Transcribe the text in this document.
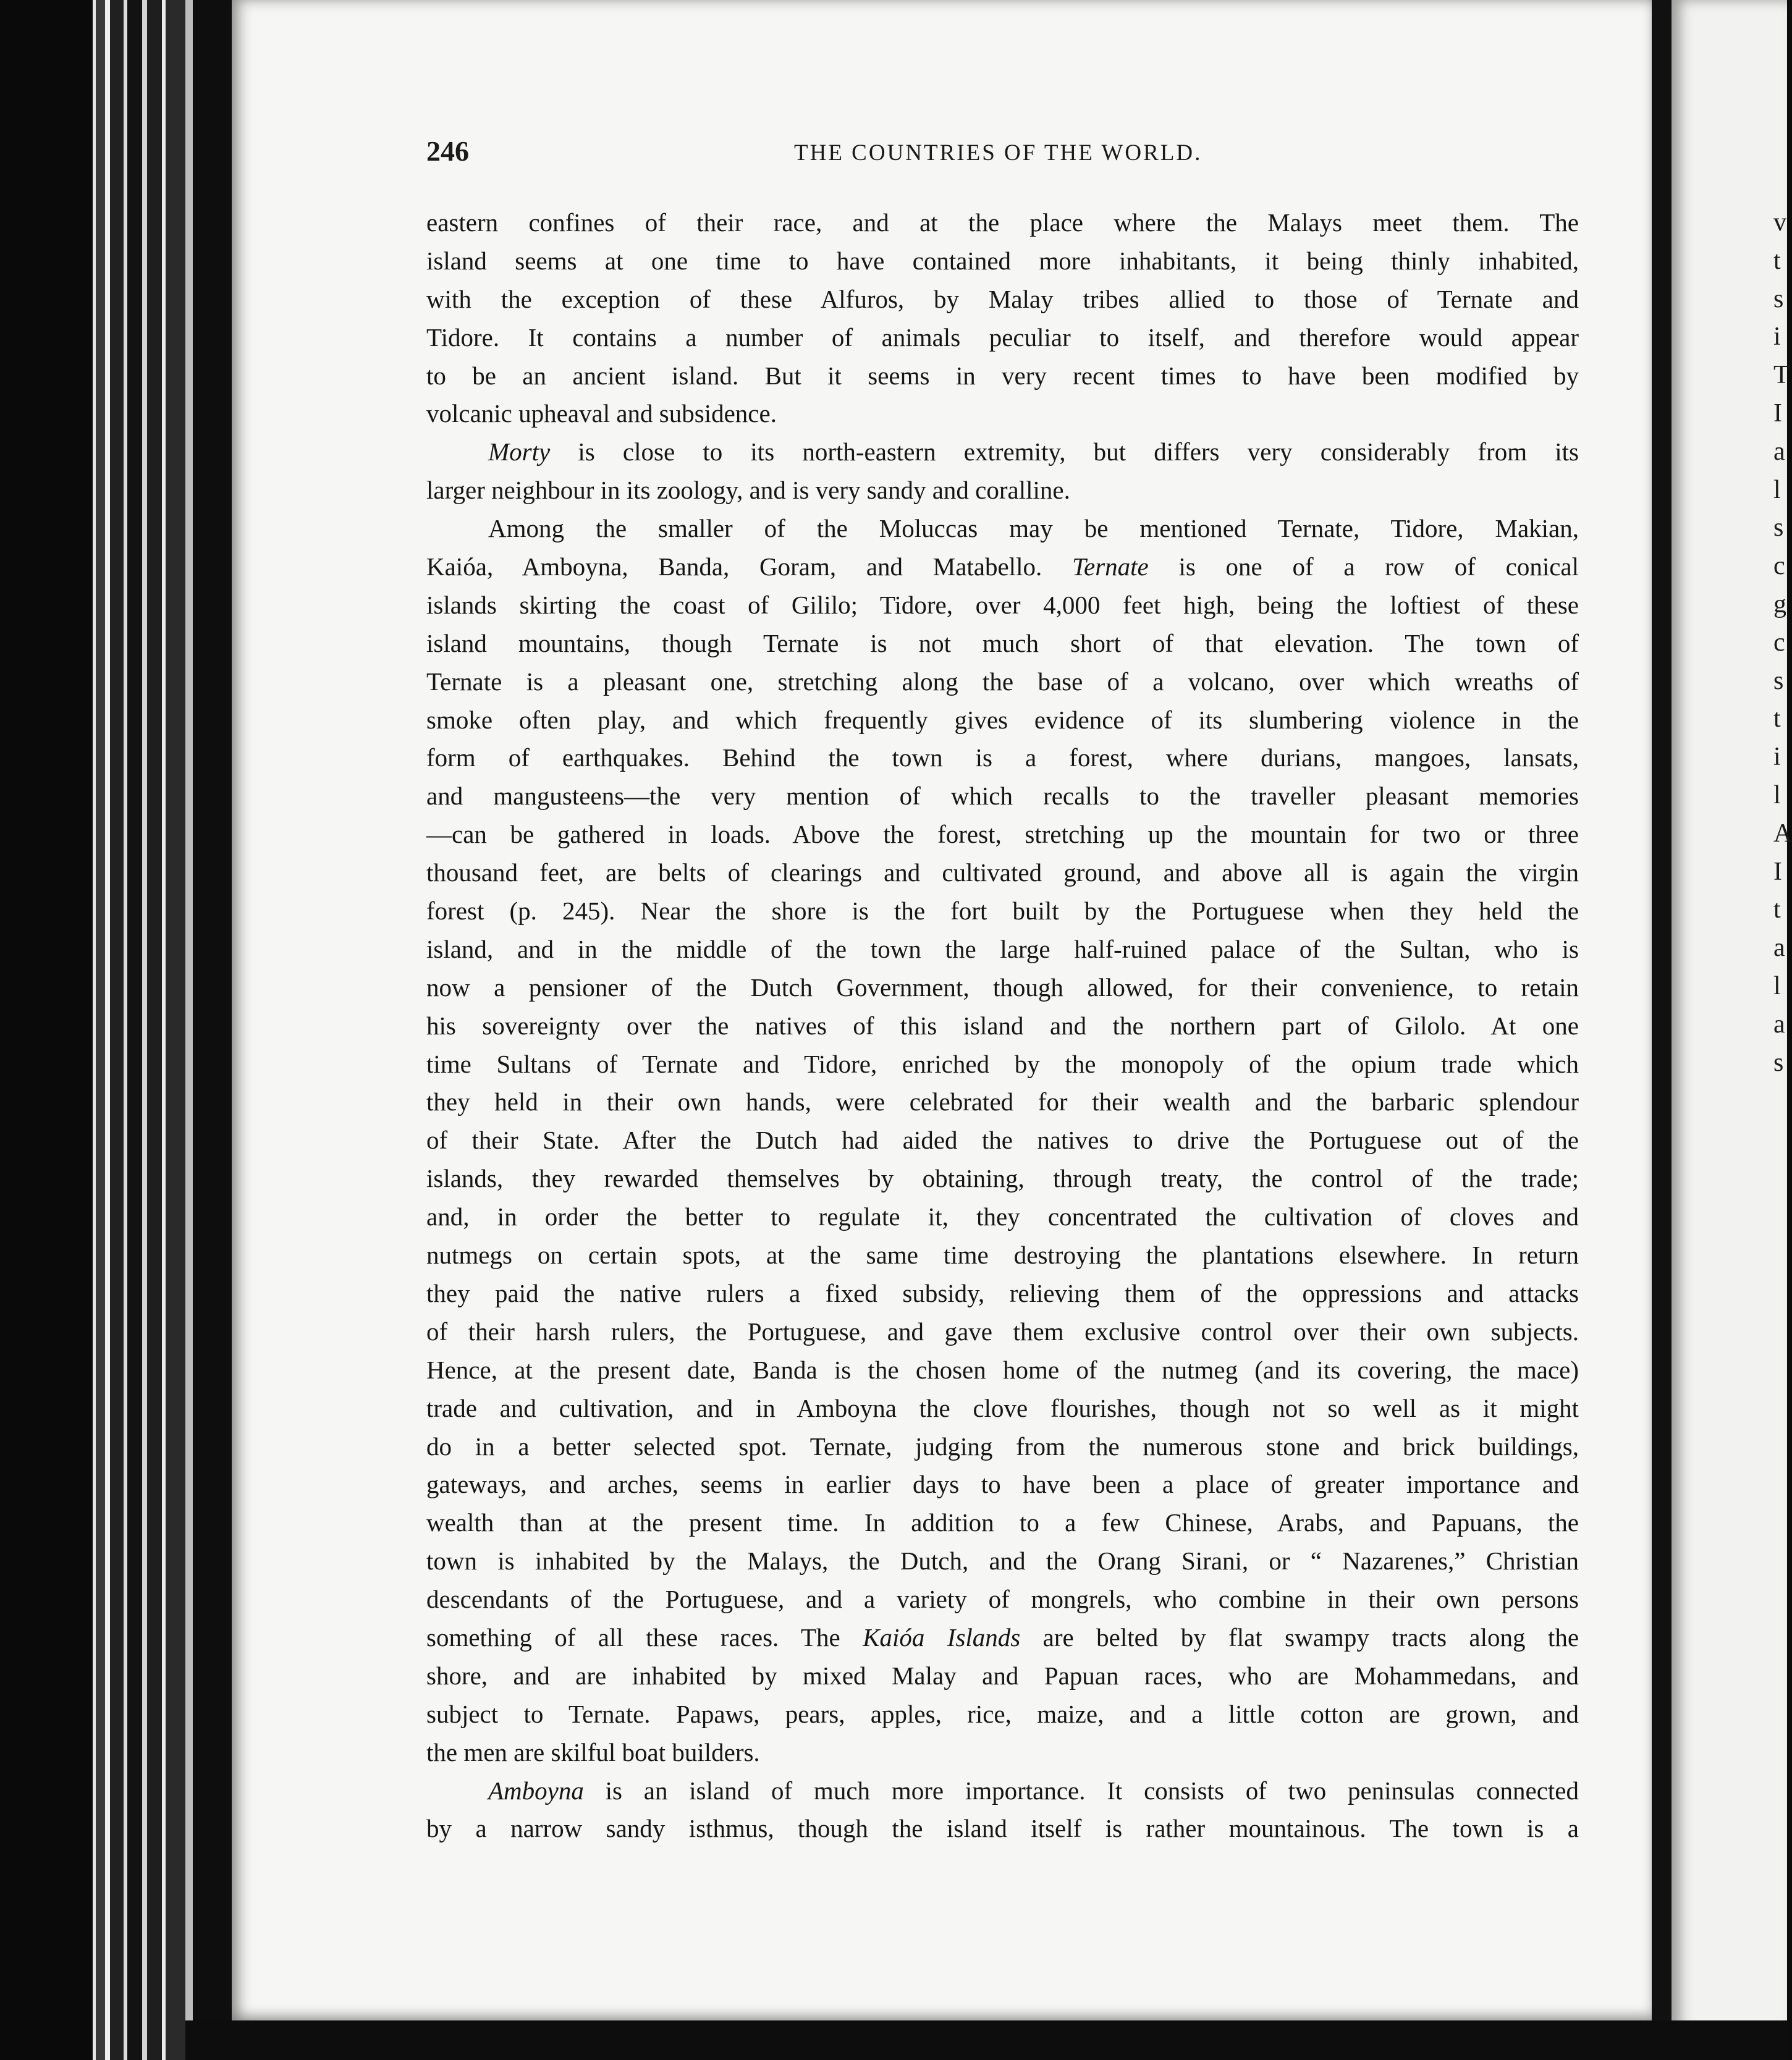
v
t
s
i
T
I
a
l
s
c
g
c
s
t
i
l
A
I
t
a
l
a
s
246	THE COUNTRIES OF THE WORLD.
eastern confines of their race, and at the place where the Malays meet them. The
island seems at one time to have contained more inhabitants, it being thinly inhabited,
with the exception of these Alfuros, by Malay tribes allied to those of Ternate and
Tidore. It contains a number of animals peculiar to itself, and therefore would appear
to be an ancient island. But it seems in very recent times to have been modified by
volcanic upheaval and subsidence.
Morty is close to its north-eastern extremity, but differs very considerably from its
larger neighbour in its zoology, and is very sandy and coralline.
Among the smaller of the Moluccas may be mentioned Ternate, Tidore, Makian,
Kaióa, Amboyna, Banda, Goram, and Matabello. Ternate is one of a row of conical
islands skirting the coast of Gililo; Tidore, over 4,000 feet high, being the loftiest of these
island mountains, though Ternate is not much short of that elevation. The town of
Ternate is a pleasant one, stretching along the base of a volcano, over which wreaths of
smoke often play, and which frequently gives evidence of its slumbering violence in the
form of earthquakes. Behind the town is a forest, where durians, mangoes, lansats,
and mangusteens—the very mention of which recalls to the traveller pleasant memories
—can be gathered in loads. Above the forest, stretching up the mountain for two or three
thousand feet, are belts of clearings and cultivated ground, and above all is again the virgin
forest (p. 245). Near the shore is the fort built by the Portuguese when they held the
island, and in the middle of the town the large half-ruined palace of the Sultan, who is
now a pensioner of the Dutch Government, though allowed, for their convenience, to retain
his sovereignty over the natives of this island and the northern part of Gilolo. At one
time Sultans of Ternate and Tidore, enriched by the monopoly of the opium trade which
they held in their own hands, were celebrated for their wealth and the barbaric splendour
of their State. After the Dutch had aided the natives to drive the Portuguese out of the
islands, they rewarded themselves by obtaining, through treaty, the control of the trade;
and, in order the better to regulate it, they concentrated the cultivation of cloves and
nutmegs on certain spots, at the same time destroying the plantations elsewhere. In return
they paid the native rulers a fixed subsidy, relieving them of the oppressions and attacks
of their harsh rulers, the Portuguese, and gave them exclusive control over their own subjects.
Hence, at the present date, Banda is the chosen home of the nutmeg (and its covering, the mace)
trade and cultivation, and in Amboyna the clove flourishes, though not so well as it might
do in a better selected spot. Ternate, judging from the numerous stone and brick buildings,
gateways, and arches, seems in earlier days to have been a place of greater importance and
wealth than at the present time. In addition to a few Chinese, Arabs, and Papuans, the
town is inhabited by the Malays, the Dutch, and the Orang Sirani, or “ Nazarenes,” Christian
descendants of the Portuguese, and a variety of mongrels, who combine in their own persons
something of all these races. The Kaióa Islands are belted by flat swampy tracts along the
shore, and are inhabited by mixed Malay and Papuan races, who are Mohammedans, and
subject to Ternate. Papaws, pears, apples, rice, maize, and a little cotton are grown, and
the men are skilful boat builders.
Amboyna is an island of much more importance. It consists of two peninsulas connected
by a narrow sandy isthmus, though the island itself is rather mountainous. The town is a
